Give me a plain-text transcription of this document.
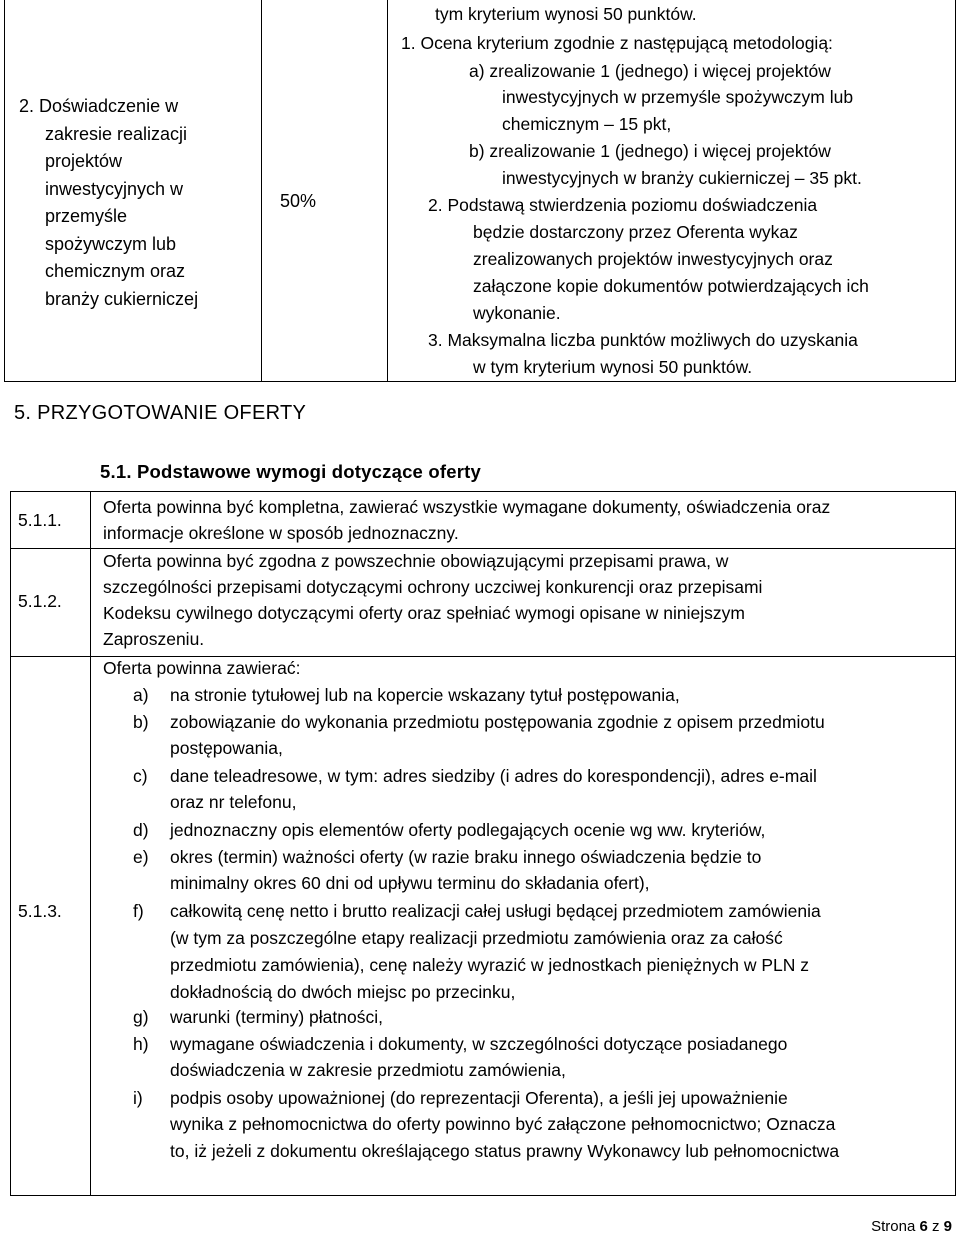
2. Doświadczenie w
zakresie realizacji
projektów
inwestycyjnych w
przemyśle
spożywczym lub
chemicznym oraz
branży cukierniczej
50%
tym kryterium wynosi 50 punktów.
1. Ocena kryterium zgodnie z następującą metodologią:
a) zrealizowanie 1 (jednego) i więcej projektów
inwestycyjnych w przemyśle spożywczym lub
chemicznym – 15 pkt,
b) zrealizowanie 1 (jednego) i więcej projektów
inwestycyjnych w branży cukierniczej – 35 pkt.
2. Podstawą stwierdzenia poziomu doświadczenia
będzie dostarczony przez Oferenta wykaz
zrealizowanych projektów inwestycyjnych oraz
załączone kopie dokumentów potwierdzających ich
wykonanie.
3. Maksymalna liczba punktów możliwych do uzyskania
w tym kryterium wynosi 50 punktów.
5. PRZYGOTOWANIE OFERTY
5.1. Podstawowe wymogi dotyczące oferty
5.1.1.
Oferta powinna być kompletna, zawierać wszystkie wymagane dokumenty, oświadczenia oraz
informacje określone w sposób jednoznaczny.
5.1.2.
Oferta powinna być zgodna z powszechnie obowiązującymi przepisami prawa, w
szczególności przepisami dotyczącymi ochrony uczciwej konkurencji oraz przepisami
Kodeksu cywilnego dotyczącymi oferty oraz spełniać wymogi opisane w niniejszym
Zaproszeniu.
5.1.3.
Oferta powinna zawierać:
a) na stronie tytułowej lub na kopercie wskazany tytuł postępowania,
b) zobowiązanie do wykonania przedmiotu postępowania zgodnie z opisem przedmiotu
postępowania,
c) dane teleadresowe, w tym: adres siedziby (i adres do korespondencji), adres e-mail
oraz nr telefonu,
d) jednoznaczny opis elementów oferty podlegających ocenie wg ww. kryteriów,
e) okres (termin) ważności oferty (w razie braku innego oświadczenia będzie to
minimalny okres 60 dni od upływu terminu do składania ofert),
f) całkowitą cenę netto i brutto realizacji całej usługi będącej przedmiotem zamówienia
(w tym za poszczególne etapy realizacji przedmiotu zamówienia oraz za całość
przedmiotu zamówienia), cenę należy wyrazić w jednostkach pieniężnych w PLN z
dokładnością do dwóch miejsc po przecinku,
g) warunki (terminy) płatności,
h) wymagane oświadczenia i dokumenty, w szczególności dotyczące posiadanego
doświadczenia w zakresie przedmiotu zamówienia,
i) podpis osoby upoważnionej (do reprezentacji Oferenta), a jeśli jej upoważnienie
wynika z pełnomocnictwa do oferty powinno być załączone pełnomocnictwo; Oznacza
to, iż jeżeli z dokumentu określającego status prawny Wykonawcy lub pełnomocnictwa
Strona 6 z 9
